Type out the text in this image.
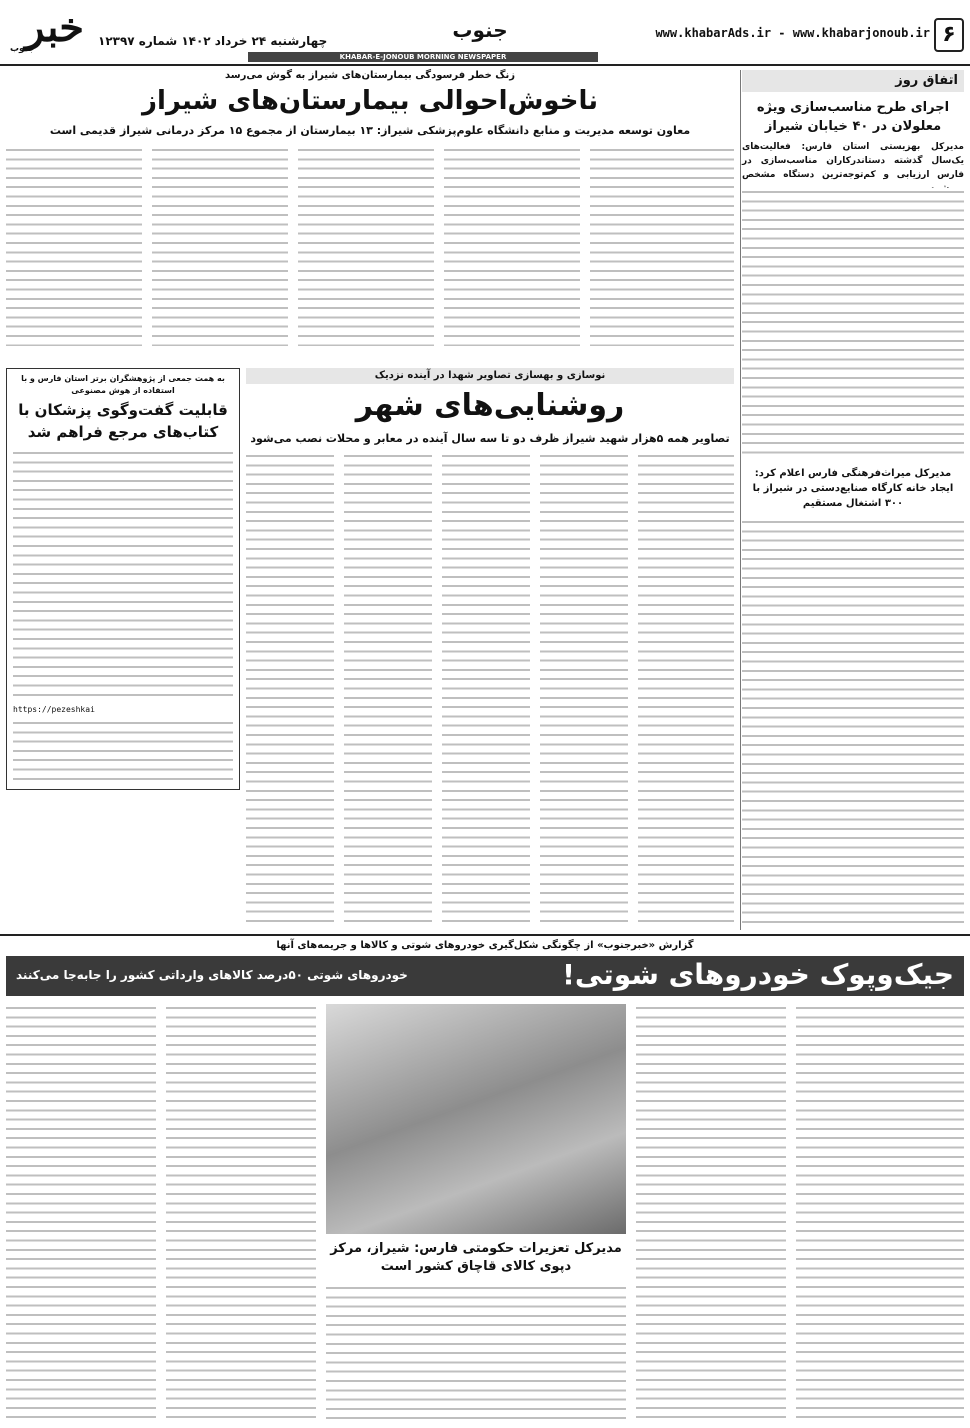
۶
www.khabarAds.ir - www.khabarjonoub.ir
جنوب
چهارشنبه ۲۴ خرداد ۱۴۰۲ شماره ۱۲۳۹۷
KHABAR-E-JONOUB MORNING NEWSPAPER
خبر
جنوب
اتفاق روز
اجرای طرح مناسب‌سازی ویژه معلولان در ۴۰ خیابان شیراز
مدیرکل بهزیستی استان فارس: فعالیت‌های یک‌سال گذشته دستاندرکاران مناسب‌سازی در فارس ارزیابی و کم‌توجه‌ترین دستگاه مشخص
مدیرکل میراث‌فرهنگی فارس اعلام کرد: ایجاد خانه کارگاه صنایع‌دستی در شیراز با ۳۰۰ اشتغال مستقیم
زنگ خطر فرسودگی بیمارستان‌های شیراز به گوش می‌رسد
ناخوش‌احوالی بیمارستان‌های شیراز
معاون توسعه مدیریت و منابع دانشگاه علوم‌پزشکی شیراز: ۱۳ بیمارستان از مجموع ۱۵ مرکز درمانی شیراز قدیمی است
به همت جمعی از پژوهشگران برتر استان فارس و با استفاده از هوش مصنوعی
قابلیت گفت‌وگوی پزشکان با کتاب‌های مرجع فراهم شد
https://pezeshkai
نوسازی و بهسازی تصاویر شهدا در آینده نزدیک
روشنایی‌های شهر
تصاویر همه ۵هزار شهید شیراز ظرف دو تا سه سال آینده در معابر و محلات نصب می‌شود
گزارش «خبرجنوب» از چگونگی شکل‌گیری خودروهای شوتی و کالاها و جریمه‌های آنها
جیک‌وپوک خودروهای شوتی!
خودروهای شوتی ۵۰درصد کالاهای وارداتی کشور را جابه‌جا می‌کنند
مدیرکل تعزیرات حکومتی فارس: شیراز، مرکز دپوی کالای قاچاق کشور است
